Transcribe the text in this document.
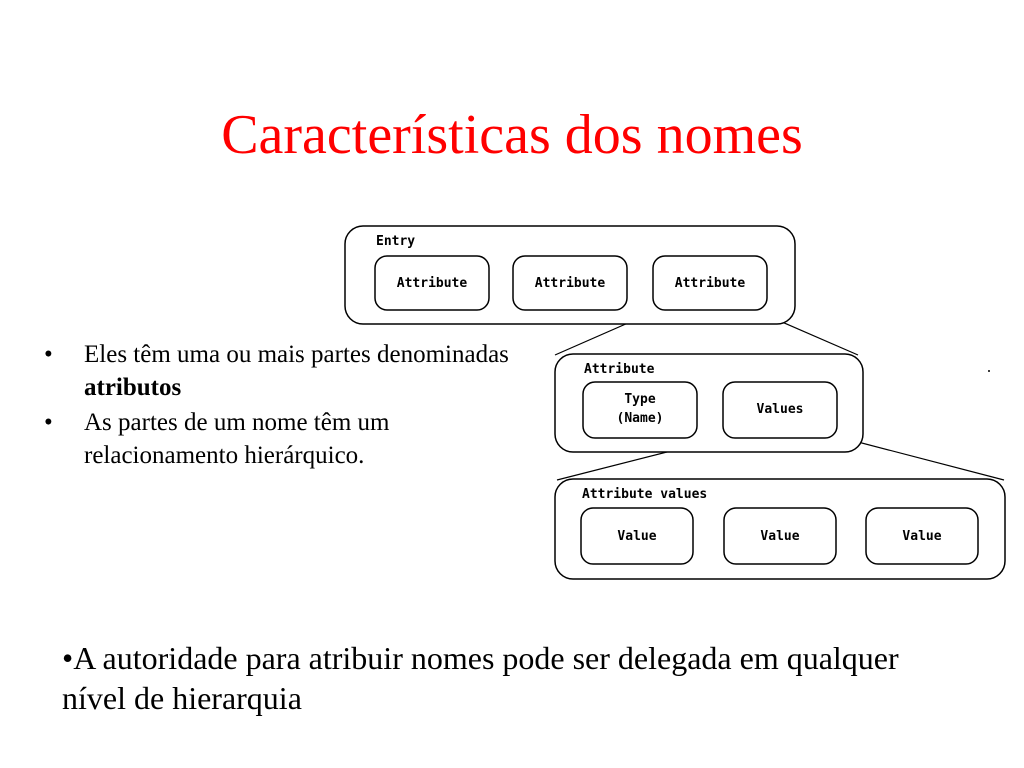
Características dos nomes
Entry
Attribute	Attribute	Attribute
Attribute
Type
(Name)
Values
Attribute values
Value	Value	Value
• Eles têm uma ou mais partes denominadas atributos
• As partes de um nome têm um relacionamento hierárquico.
•A autoridade para atribuir nomes pode ser delegada em qualquer nível de hierarquia
